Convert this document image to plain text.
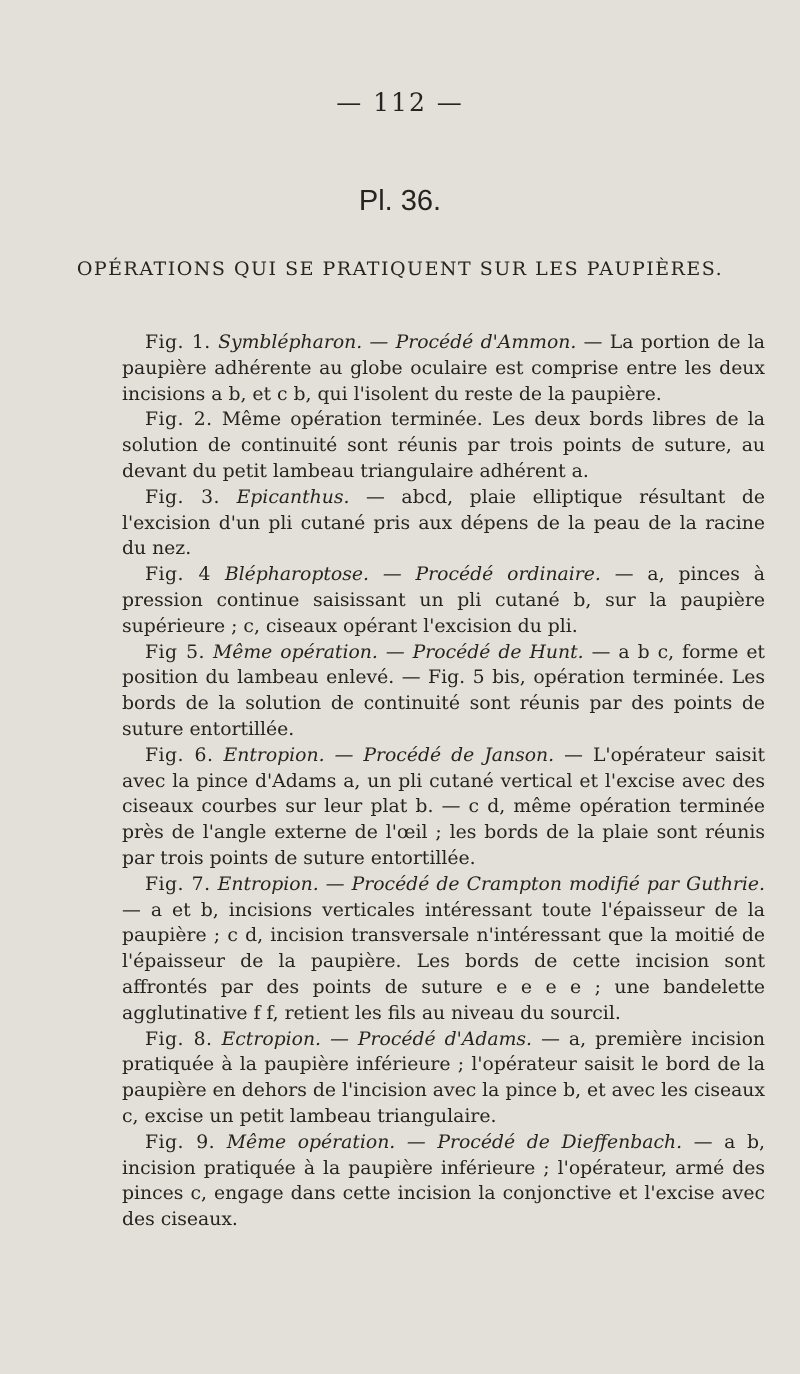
— 112 —
Pl. 36.
OPÉRATIONS QUI SE PRATIQUENT SUR LES PAUPIÈRES.

Fig. 1. Symblépharon. — Procédé d'Ammon. — La portion de la paupière adhérente au globe oculaire est comprise entre les deux incisions a b, et c b, qui l'isolent du reste de la paupière.

Fig. 2. Même opération terminée. Les deux bords libres de la solution de continuité sont réunis par trois points de suture, au devant du petit lambeau triangulaire adhérent a.

Fig. 3. Epicanthus. — abcd, plaie elliptique résultant de l'excision d'un pli cutané pris aux dépens de la peau de la racine du nez.

Fig. 4 Blépharoptose. — Procédé ordinaire. — a, pinces à pression continue saisissant un pli cutané b, sur la paupière supérieure ; c, ciseaux opérant l'excision du pli.

Fig 5. Même opération. — Procédé de Hunt. — a b c, forme et position du lambeau enlevé. — Fig. 5 bis, opération terminée. Les bords de la solution de continuité sont réunis par des points de suture entortillée.

Fig. 6. Entropion. — Procédé de Janson. — L'opérateur saisit avec la pince d'Adams a, un pli cutané vertical et l'excise avec des ciseaux courbes sur leur plat b. — c d, même opération terminée près de l'angle externe de l'œil ; les bords de la plaie sont réunis par trois points de suture entortillée.

Fig. 7. Entropion. — Procédé de Crampton modifié par Guthrie. — a et b, incisions verticales intéressant toute l'épaisseur de la paupière ; c d, incision transversale n'intéressant que la moitié de l'épaisseur de la paupière. Les bords de cette incision sont affrontés par des points de suture e e e e ; une bandelette agglutinative f f, retient les fils au niveau du sourcil.

Fig. 8. Ectropion. — Procédé d'Adams. — a, première incision pratiquée à la paupière inférieure ; l'opérateur saisit le bord de la paupière en dehors de l'incision avec la pince b, et avec les ciseaux c, excise un petit lambeau triangulaire.

Fig. 9. Même opération. — Procédé de Dieffenbach. — a b, incision pratiquée à la paupière inférieure ; l'opérateur, armé des pinces c, engage dans cette incision la conjonctive et l'excise avec des ciseaux.
